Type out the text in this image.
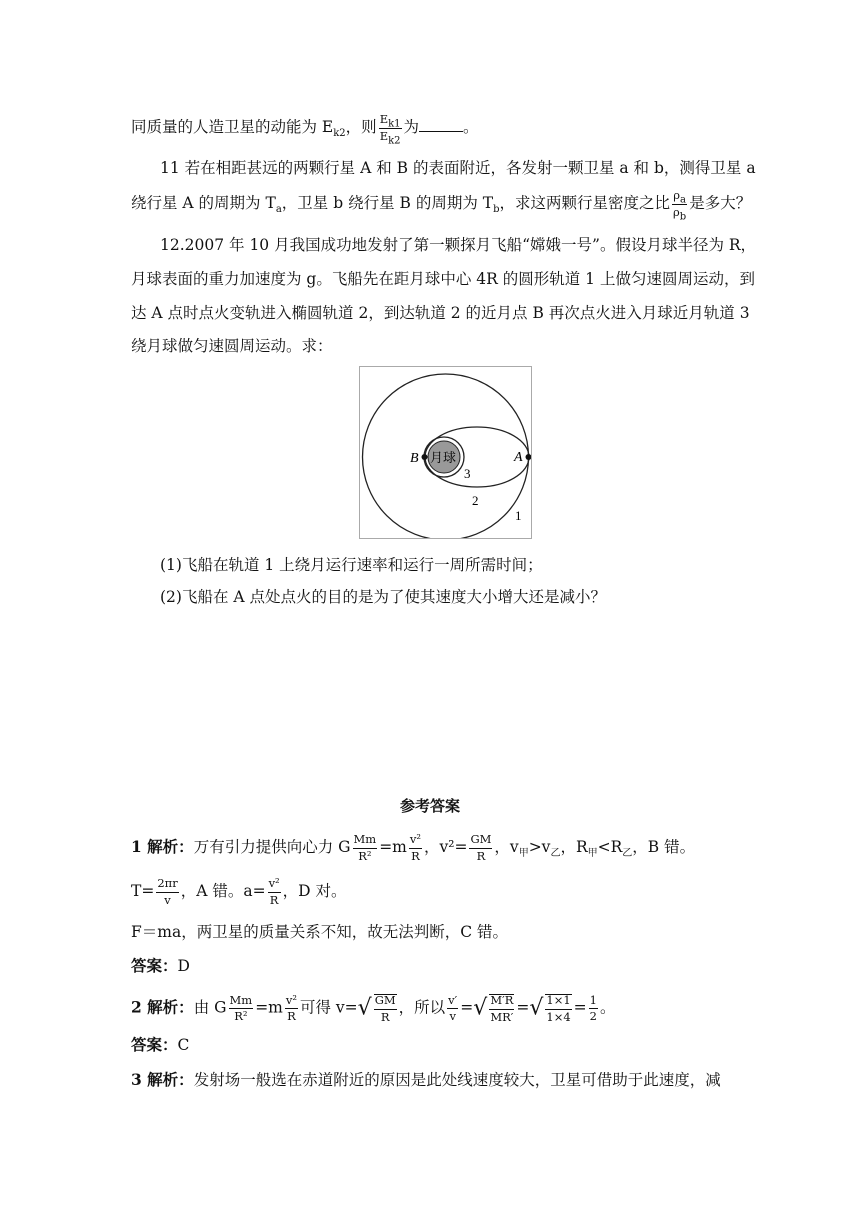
同质量的人造卫星的动能为 $E_{k2}$，则 $\frac{E_{k1}}{E_{k2}}$ 为	。
11 若在相距甚远的两颗行星 A 和 B 的表面附近，各发射一颗卫星 a 和 b，测得卫星 a
绕行星 A 的周期为 $T_a$，卫星 b 绕行星 B 的周期为 $T_b$，求这两颗行星密度之比 $\frac{\rho_a}{\rho_b}$ 是多大？
12.2007 年 10 月我国成功地发射了第一颗探月飞船“嫦娥一号”。假设月球半径为 R，
月球表面的重力加速度为 g。飞船先在距月球中心 4R 的圆形轨道 1 上做匀速圆周运动，到
达 A 点时点火变轨进入椭圆轨道 2，到达轨道 2 的近月点 B 再次点火进入月球近月轨道 3
绕月球做匀速圆周运动。求：
B	A
月球
3
2
1
(1)飞船在轨道 1 上绕月运行速率和运行一周所需时间；
(2)飞船在 A 点处点火的目的是为了使其速度大小增大还是减小？
参考答案
1 解析：万有引力提供向心力 G $\frac{Mm}{\text{R²}} =m \frac{\text{v²}}{R}$ ，$v^2= \frac{GM}{R}$ ，$v_甲>v_乙$，$R_甲<R_乙$，B 错。
$T= \frac{2\pi r}{v}$ ，A 错。$a= \frac{\text{v²}}{R}$ ，D 对。
F＝ma，两卫星的质量关系不知，故无法判断，C 错。
答案：D
2 解析：由 G $\frac{Mm}{\text{R²}} =m \frac{\text{v²}}{R}$ 可得 $v=√ \frac{GM}{R}$ ，所以 $\frac{v'}{v}$ =√ $\frac{M'R}{MR'}$ =√ $\frac{1\times 1}{1\times 4} = \frac{1}{2}$ 。
答案：C
3 解析：发射场一般选在赤道附近的原因是此处线速度较大，卫星可借助于此速度，减
